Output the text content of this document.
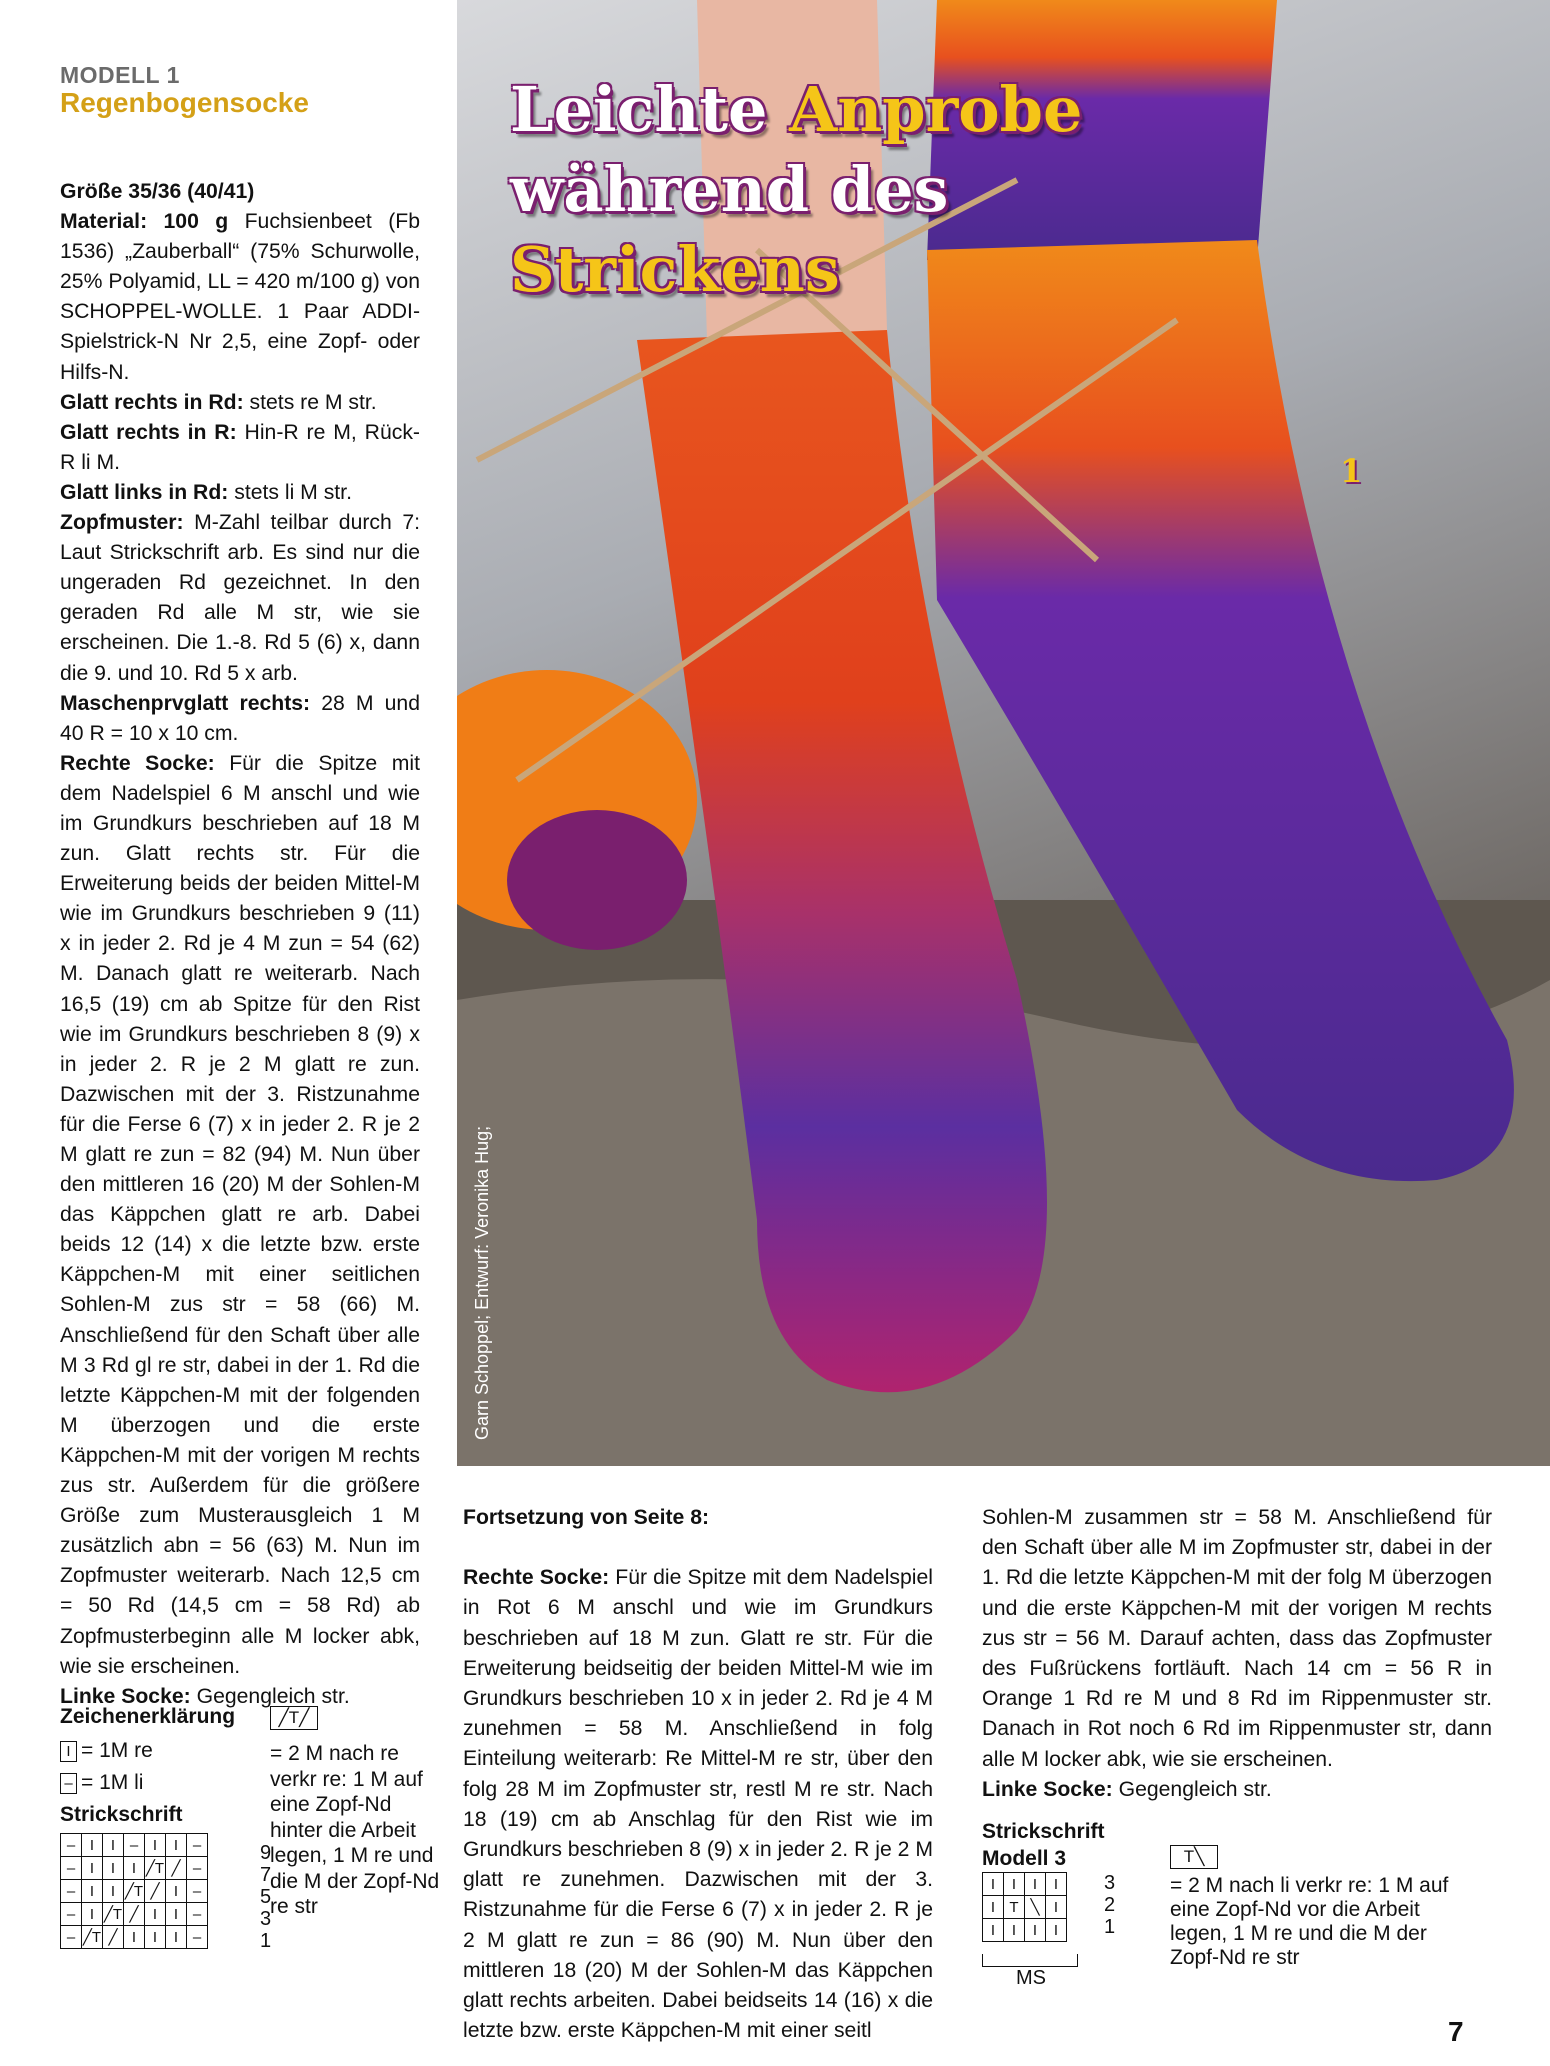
MODELL 1
Regenbogensocke

Größe 35/36 (40/41)

Material: 100 g Fuchsienbeet (Fb 1536) „Zauberball“ (75% Schurwolle, 25% Polyamid, LL = 420 m/100 g) von SCHOPPEL-WOLLE. 1 Paar ADDI-Spielstrick-N Nr 2,5, eine Zopf- oder Hilfs-N.

Glatt rechts in Rd: stets re M str.

Glatt rechts in R: Hin-R re M, Rück-R li M.

Glatt links in Rd: stets li M str.

Zopfmuster: M-Zahl teilbar durch 7: Laut Strickschrift arb. Es sind nur die ungeraden Rd gezeichnet. In den geraden Rd alle M str, wie sie erscheinen. Die 1.-8. Rd 5 (6) x, dann die 9. und 10. Rd 5 x arb.

Maschenprvglatt rechts: 28 M und 40 R = 10 x 10 cm.

Rechte Socke: Für die Spitze mit dem Nadelspiel 6 M anschl und wie im Grundkurs beschrieben auf 18 M zun. Glatt rechts str. Für die Erweiterung beids der beiden Mittel-M wie im Grundkurs beschrieben 9 (11) x in jeder 2. Rd je 4 M zun = 54 (62) M. Danach glatt re weiterarb. Nach 16,5 (19) cm ab Spitze für den Rist wie im Grundkurs beschrieben 8 (9) x in jeder 2. R je 2 M glatt re zun. Dazwischen mit der 3. Ristzunahme für die Ferse 6 (7) x in jeder 2. R je 2 M glatt re zun = 82 (94) M. Nun über den mittleren 16 (20) M der Sohlen-M das Käppchen glatt re arb. Dabei beids 12 (14) x die letzte bzw. erste Käppchen-M mit einer seitlichen Sohlen-M zus str = 58 (66) M. Anschließend für den Schaft über alle M 3 Rd gl re str, dabei in der 1. Rd die letzte Käppchen-M mit der folgenden M überzogen und die erste Käppchen-M mit der vorigen M rechts zus str. Außerdem für die größere Größe zum Musterausgleich 1 M zusätzlich abn = 56 (63) M. Nun im Zopfmuster weiterarb. Nach 12,5 cm = 50 Rd (14,5 cm = 58 Rd) ab Zopfmusterbeginn alle M locker abk, wie sie erscheinen.

Linke Socke: Gegengleich str.

Leichte Anprobe
während des
Strickens
1
Garn Schoppel; Entwurf: Veronika Hug;
Zeichenerklärung
I = 1M re
– = 1M li
Strickschrift
–	I	I	–	I	I	–
–	I	I	I	╱T	╱	–
–	I	I	╱T	╱	I	–
–	I	╱T	╱	I	I	–
–	╱T	╱	I	I	I	–
9
7
5
3
1
╱T╱
= 2 M nach re verkr re: 1 M auf eine Zopf-Nd hinter die Arbeit legen, 1 M re und die M der Zopf-Nd re str

Fortsetzung von Seite 8:

Rechte Socke: Für die Spitze mit dem Nadelspiel in Rot 6 M anschl und wie im Grundkurs beschrieben auf 18 M zun. Glatt re str. Für die Erweiterung beidseitig der beiden Mittel-M wie im Grundkurs beschrieben 10 x in jeder 2. Rd je 4 M zunehmen = 58 M. Anschließend in folg Einteilung weiterarb: Re Mittel-M re str, über den folg 28 M im Zopfmuster str, restl M re str. Nach 18 (19) cm ab Anschlag für den Rist wie im Grundkurs beschrieben 8 (9) x in jeder 2. R je 2 M glatt re zunehmen. Dazwischen mit der 3. Ristzunahme für die Ferse 6 (7) x in jeder 2. R je 2 M glatt re zun = 86 (90) M. Nun über den mittleren 18 (20) M der Sohlen-M das Käppchen glatt rechts arbeiten. Dabei beidseits 14 (16) x die letzte bzw. erste Käppchen-M mit einer seitl

Sohlen-M zusammen str = 58 M. Anschließend für den Schaft über alle M im Zopfmuster str, dabei in der 1. Rd die letzte Käppchen-M mit der folg M überzogen und die erste Käppchen-M mit der vorigen M rechts zus str = 56 M. Darauf achten, dass das Zopfmuster des Fußrückens fortläuft. Nach 14 cm = 56 R in Orange 1 Rd re M und 8 Rd im Rippenmuster str. Danach in Rot noch 6 Rd im Rippenmuster str, dann alle M locker abk, wie sie erscheinen.

Linke Socke: Gegengleich str.

Strickschrift
Modell 3
I	I	I	I
I	T	╲	I
I	I	I	I
MS
3
2
1
T╲
= 2 M nach li verkr re: 1 M auf eine Zopf-Nd vor die Arbeit legen, 1 M re und die M der Zopf-Nd re str
7
